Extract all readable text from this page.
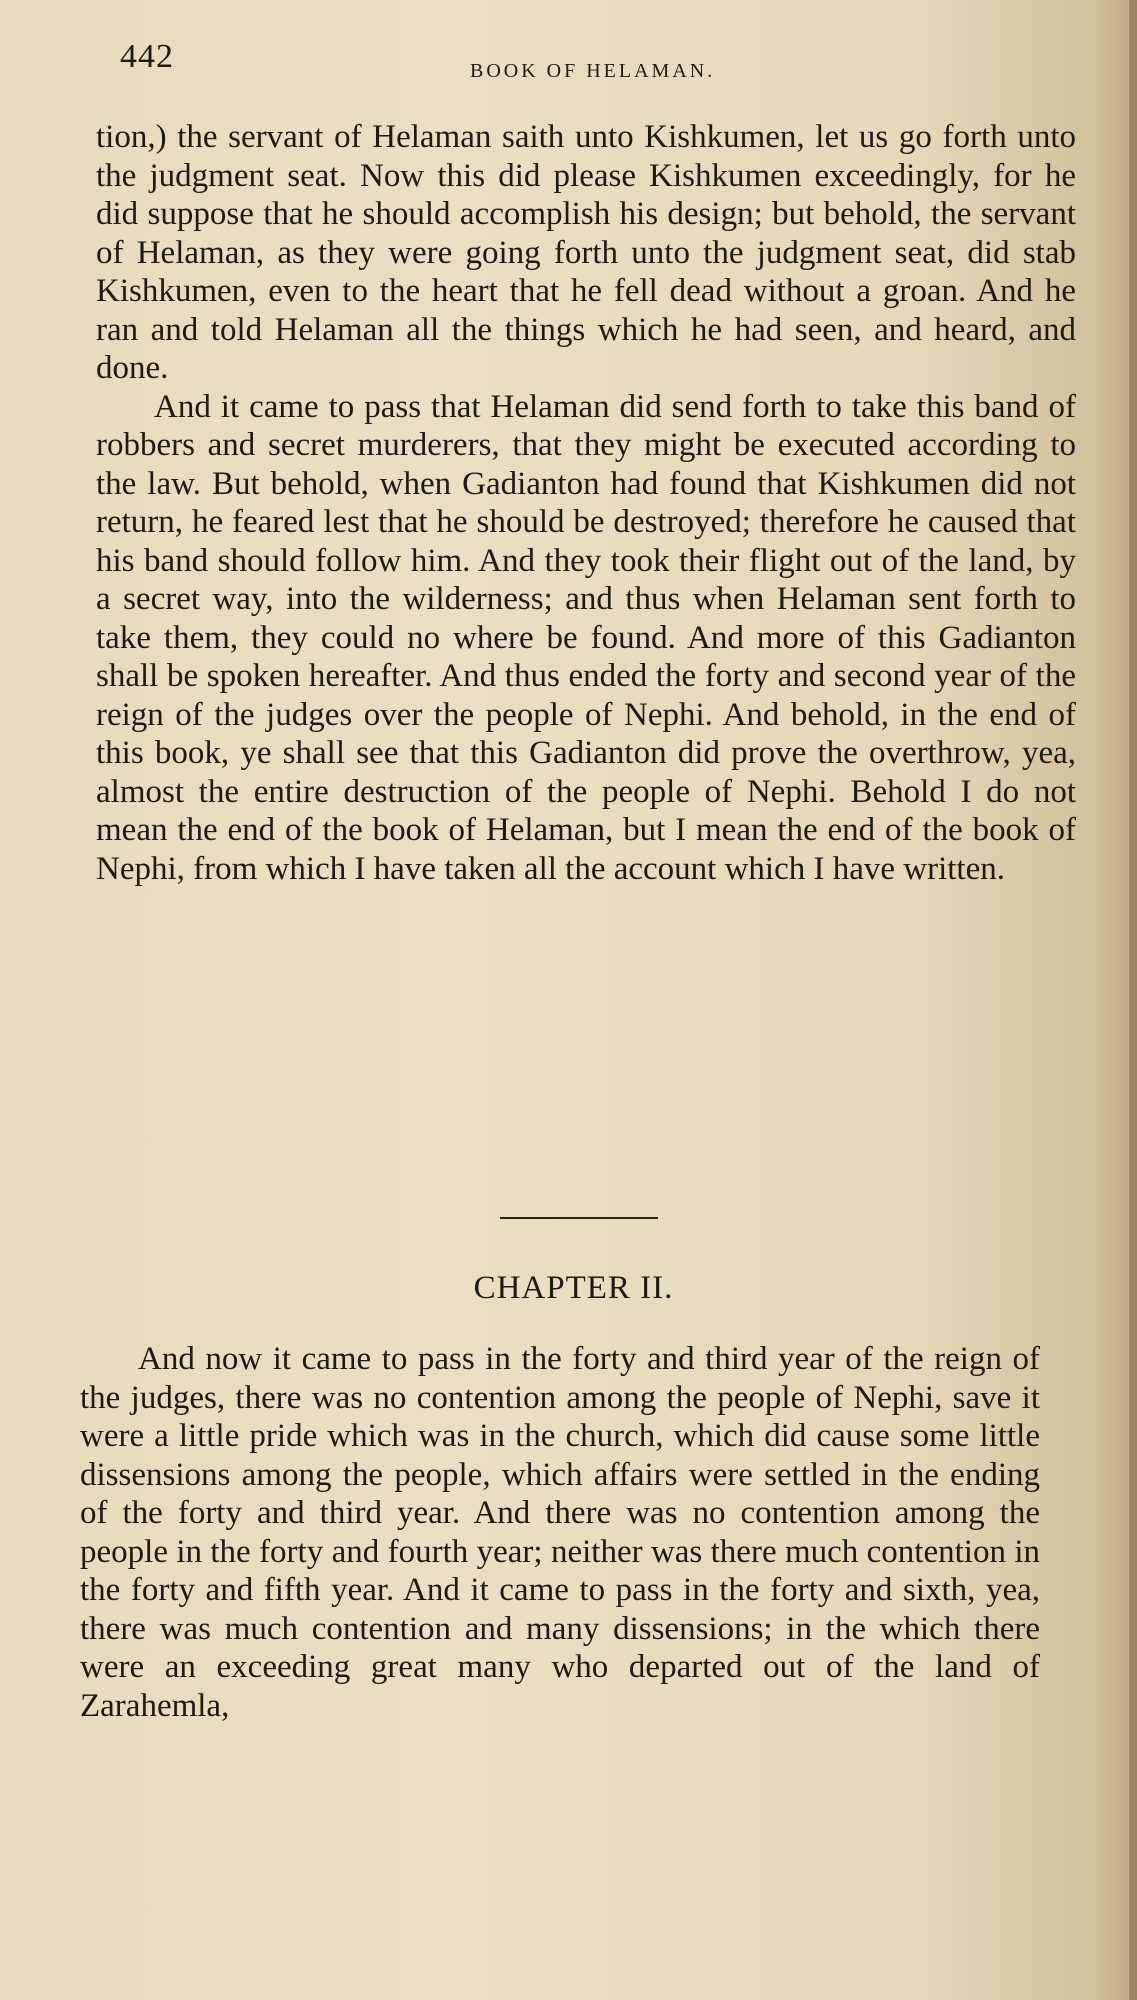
442	BOOK OF HELAMAN.

tion,) the servant of Helaman saith unto Kishkumen, let us go forth unto the judgment seat. Now this did please Kishkumen exceedingly, for he did suppose that he should accomplish his design; but behold, the servant of Helaman, as they were going forth unto the judgment seat, did stab Kishkumen, even to the heart that he fell dead without a groan. And he ran and told Helaman all the things which he had seen, and heard, and done.

And it came to pass that Helaman did send forth to take this band of robbers and secret murderers, that they might be executed according to the law. But behold, when Gadianton had found that Kishkumen did not return, he feared lest that he should be destroyed; therefore he caused that his band should follow him. And they took their flight out of the land, by a secret way, into the wilderness; and thus when Helaman sent forth to take them, they could no where be found. And more of this Gadianton shall be spoken hereafter. And thus ended the forty and second year of the reign of the judges over the people of Nephi. And behold, in the end of this book, ye shall see that this Gadianton did prove the overthrow, yea, almost the entire destruction of the people of Nephi. Behold I do not mean the end of the book of Helaman, but I mean the end of the book of Nephi, from which I have taken all the account which I have written.

CHAPTER II.

And now it came to pass in the forty and third year of the reign of the judges, there was no contention among the people of Nephi, save it were a little pride which was in the church, which did cause some little dissensions among the people, which affairs were settled in the ending of the forty and third year. And there was no contention among the people in the forty and fourth year; neither was there much contention in the forty and fifth year. And it came to pass in the forty and sixth, yea, there was much contention and many dissensions; in the which there were an exceeding great many who departed out of the land of Zarahemla,
